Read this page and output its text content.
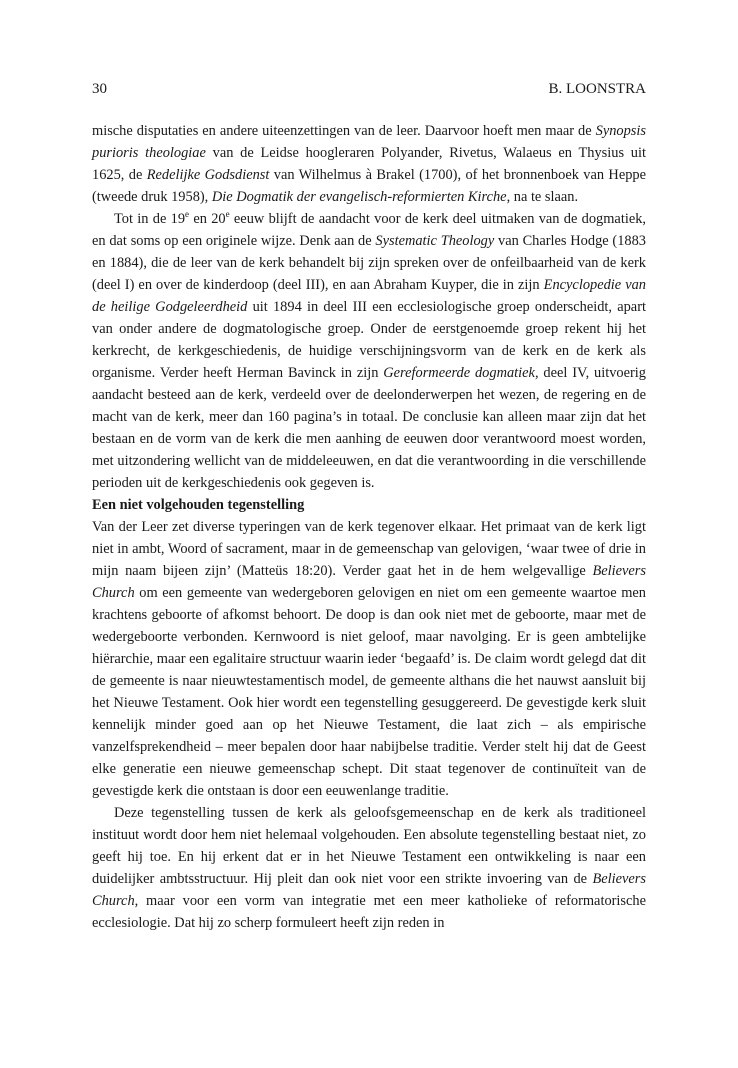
30	B. LOONSTRA

mische disputaties en andere uiteenzettingen van de leer. Daarvoor hoeft men maar de Synopsis purioris theologiae van de Leidse hoogleraren Polyander, Rivetus, Walaeus en Thysius uit 1625, de Redelijke Godsdienst van Wilhelmus à Brakel (1700), of het bronnenboek van Heppe (tweede druk 1958), Die Dogmatik der evangelisch-reformierten Kirche, na te slaan.

Tot in de 19e en 20e eeuw blijft de aandacht voor de kerk deel uitmaken van de dogmatiek, en dat soms op een originele wijze. Denk aan de Systematic Theology van Charles Hodge (1883 en 1884), die de leer van de kerk behandelt bij zijn spreken over de onfeilbaarheid van de kerk (deel I) en over de kinderdoop (deel III), en aan Abraham Kuyper, die in zijn Encyclopedie van de heilige Godgeleerdheid uit 1894 in deel III een ecclesiologische groep onderscheidt, apart van onder andere de dogmatologische groep. Onder de eerstgenoemde groep rekent hij het kerkrecht, de kerkgeschiedenis, de huidige verschijningsvorm van de kerk en de kerk als organisme. Verder heeft Herman Bavinck in zijn Gereformeerde dogmatiek, deel IV, uitvoerig aandacht besteed aan de kerk, verdeeld over de deelonderwerpen het wezen, de regering en de macht van de kerk, meer dan 160 pagina’s in totaal. De conclusie kan alleen maar zijn dat het bestaan en de vorm van de kerk die men aanhing de eeuwen door verantwoord moest worden, met uitzondering wellicht van de middeleeuwen, en dat die verantwoording in die verschillende perioden uit de kerkgeschiedenis ook gegeven is.

Een niet volgehouden tegenstelling

Van der Leer zet diverse typeringen van de kerk tegenover elkaar. Het primaat van de kerk ligt niet in ambt, Woord of sacrament, maar in de gemeenschap van gelovigen, ‘waar twee of drie in mijn naam bijeen zijn’ (Matteüs 18:20). Verder gaat het in de hem welgevallige Believers Church om een gemeente van wedergeboren gelovigen en niet om een gemeente waartoe men krachtens geboorte of afkomst behoort. De doop is dan ook niet met de geboorte, maar met de wedergeboorte verbonden. Kernwoord is niet geloof, maar navolging. Er is geen ambtelijke hiërarchie, maar een egalitaire structuur waarin ieder ‘begaafd’ is. De claim wordt gelegd dat dit de gemeente is naar nieuwtestamentisch model, de gemeente althans die het nauwst aansluit bij het Nieuwe Testament. Ook hier wordt een tegenstelling gesuggereerd. De gevestigde kerk sluit kennelijk minder goed aan op het Nieuwe Testament, die laat zich – als empirische vanzelfsprekendheid – meer bepalen door haar nabijbelse traditie. Verder stelt hij dat de Geest elke generatie een nieuwe gemeenschap schept. Dit staat tegenover de continuïteit van de gevestigde kerk die ontstaan is door een eeuwenlange traditie.

Deze tegenstelling tussen de kerk als geloofsgemeenschap en de kerk als traditioneel instituut wordt door hem niet helemaal volgehouden. Een absolute tegenstelling bestaat niet, zo geeft hij toe. En hij erkent dat er in het Nieuwe Testament een ontwikkeling is naar een duidelijker ambtsstructuur. Hij pleit dan ook niet voor een strikte invoering van de Believers Church, maar voor een vorm van integratie met een meer katholieke of reformatorische ecclesiologie. Dat hij zo scherp formuleert heeft zijn reden in
